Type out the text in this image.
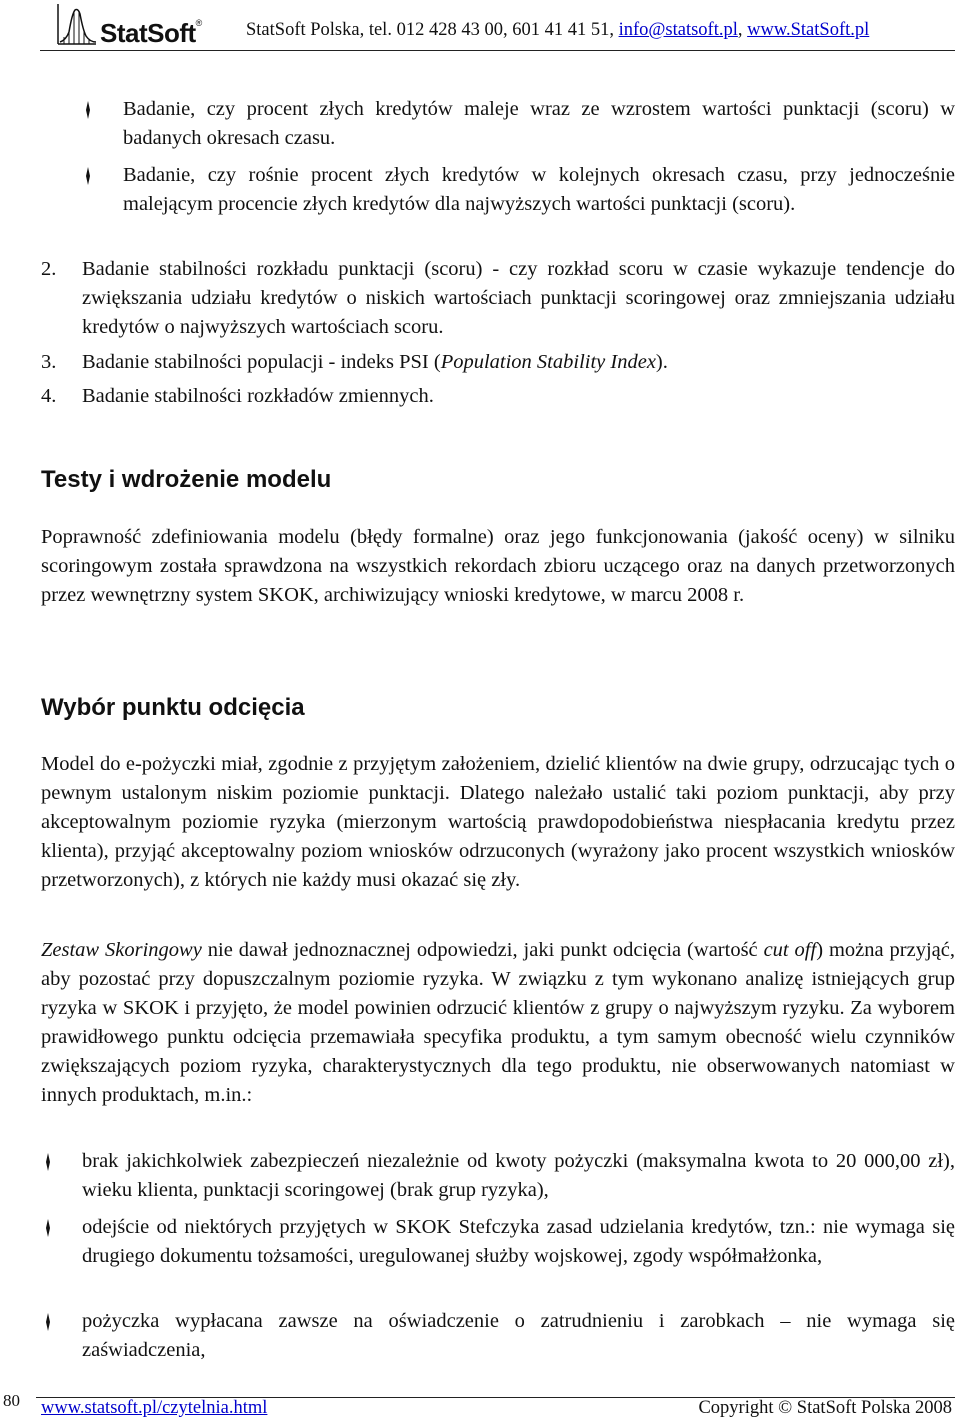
StatSoft® StatSoft Polska, tel. 012 428 43 00, 601 41 41 51, info@statsoft.pl, www.StatSoft.pl
Badanie, czy procent złych kredytów maleje wraz ze wzrostem wartości punktacji (scoru) w badanych okresach czasu.
Badanie, czy rośnie procent złych kredytów w kolejnych okresach czasu, przy jednocześnie malejącym procencie złych kredytów dla najwyższych wartości punktacji (scoru).
2. Badanie stabilności rozkładu punktacji (scoru) - czy rozkład scoru w czasie wykazuje tendencje do zwiększania udziału kredytów o niskich wartościach punktacji scoringowej oraz zmniejszania udziału kredytów o najwyższych wartościach scoru.
3. Badanie stabilności populacji - indeks PSI (Population Stability Index).
4. Badanie stabilności rozkładów zmiennych.
Testy i wdrożenie modelu
Poprawność zdefiniowania modelu (błędy formalne) oraz jego funkcjonowania (jakość oceny) w silniku scoringowym została sprawdzona na wszystkich rekordach zbioru uczącego oraz na danych przetworzonych przez wewnętrzny system SKOK, archiwizujący wnioski kredytowe, w marcu 2008 r.
Wybór punktu odcięcia
Model do e-pożyczki miał, zgodnie z przyjętym założeniem, dzielić klientów na dwie grupy, odrzucając tych o pewnym ustalonym niskim poziomie punktacji. Dlatego należało ustalić taki poziom punktacji, aby przy akceptowalnym poziomie ryzyka (mierzonym wartością prawdopodobieństwa niespłacania kredytu przez klienta), przyjąć akceptowalny poziom wniosków odrzuconych (wyrażony jako procent wszystkich wniosków przetworzonych), z których nie każdy musi okazać się zły.
Zestaw Skoringowy nie dawał jednoznacznej odpowiedzi, jaki punkt odcięcia (wartość cut off) można przyjąć, aby pozostać przy dopuszczalnym poziomie ryzyka. W związku z tym wykonano analizę istniejących grup ryzyka w SKOK i przyjęto, że model powinien odrzucić klientów z grupy o najwyższym ryzyku. Za wyborem prawidłowego punktu odcięcia przemawiała specyfika produktu, a tym samym obecność wielu czynników zwiększających poziom ryzyka, charakterystycznych dla tego produktu, nie obserwowanych natomiast w innych produktach, m.in.:
brak jakichkolwiek zabezpieczeń niezależnie od kwoty pożyczki (maksymalna kwota to 20 000,00 zł), wieku klienta, punktacji scoringowej (brak grup ryzyka),
odejście od niektórych przyjętych w SKOK Stefczyka zasad udzielania kredytów, tzn.: nie wymaga się drugiego dokumentu tożsamości, uregulowanej służby wojskowej, zgody współmałżonka,
pożyczka wypłacana zawsze na oświadczenie o zatrudnieniu i zarobkach – nie wymaga się zaświadczenia,
80 www.statsoft.pl/czytelnia.html	Copyright © StatSoft Polska 2008
